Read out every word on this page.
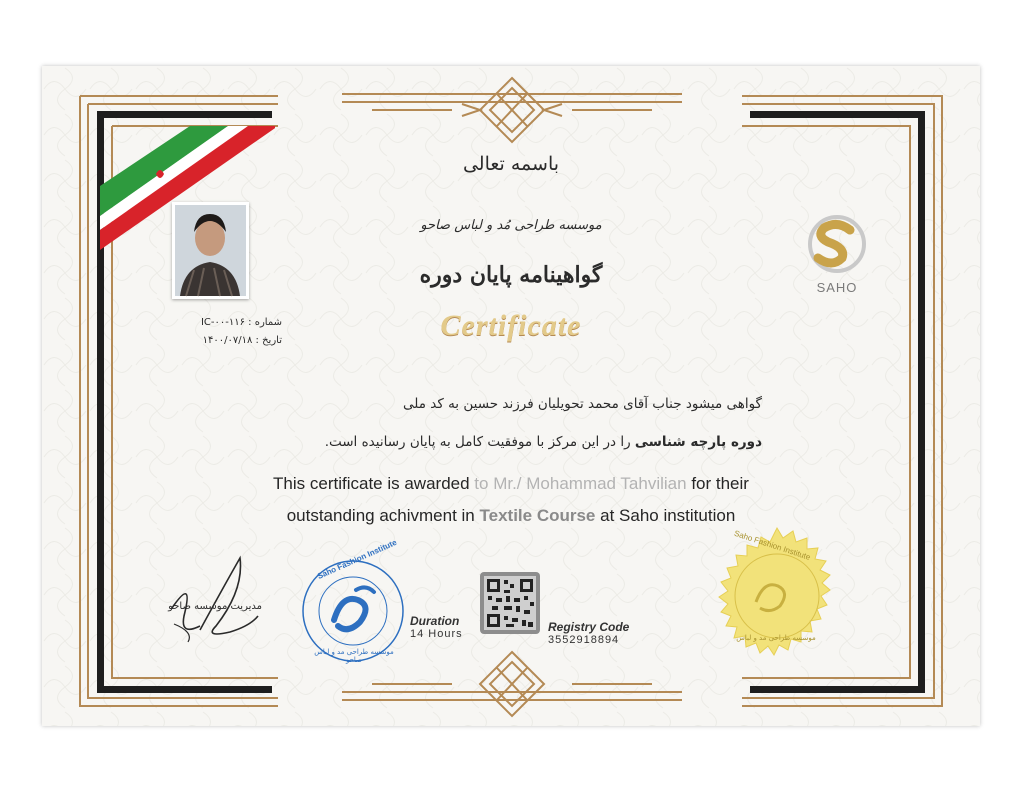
شماره : ۱۱۶-IC-۰۰
تاریخ : ۱۴۰۰/۰۷/۱۸
باسمه تعالی
موسسه طراحی مُد و لباس صاحو
گواهینامه پایان دوره
Certificate
SAHO
گواهی میشود جناب آقای محمد تحویلیان فرزند حسین به کد ملی
دوره پارچه شناسی را در این مرکز با موفقیت کامل به پایان رسانیده است.
This certificate is awarded to Mr./ Mohammad Tahvilian for their
outstanding achivment in Textile Course at Saho institution
مدیریت موسسه صاحو
Saho Fashion Institute
موسسه طراحی مد و لباس صاحو
Duration
14 Hours	Registry Code
3552918894
Saho Fashion Institute
موسسه طراحی مد و لباس
